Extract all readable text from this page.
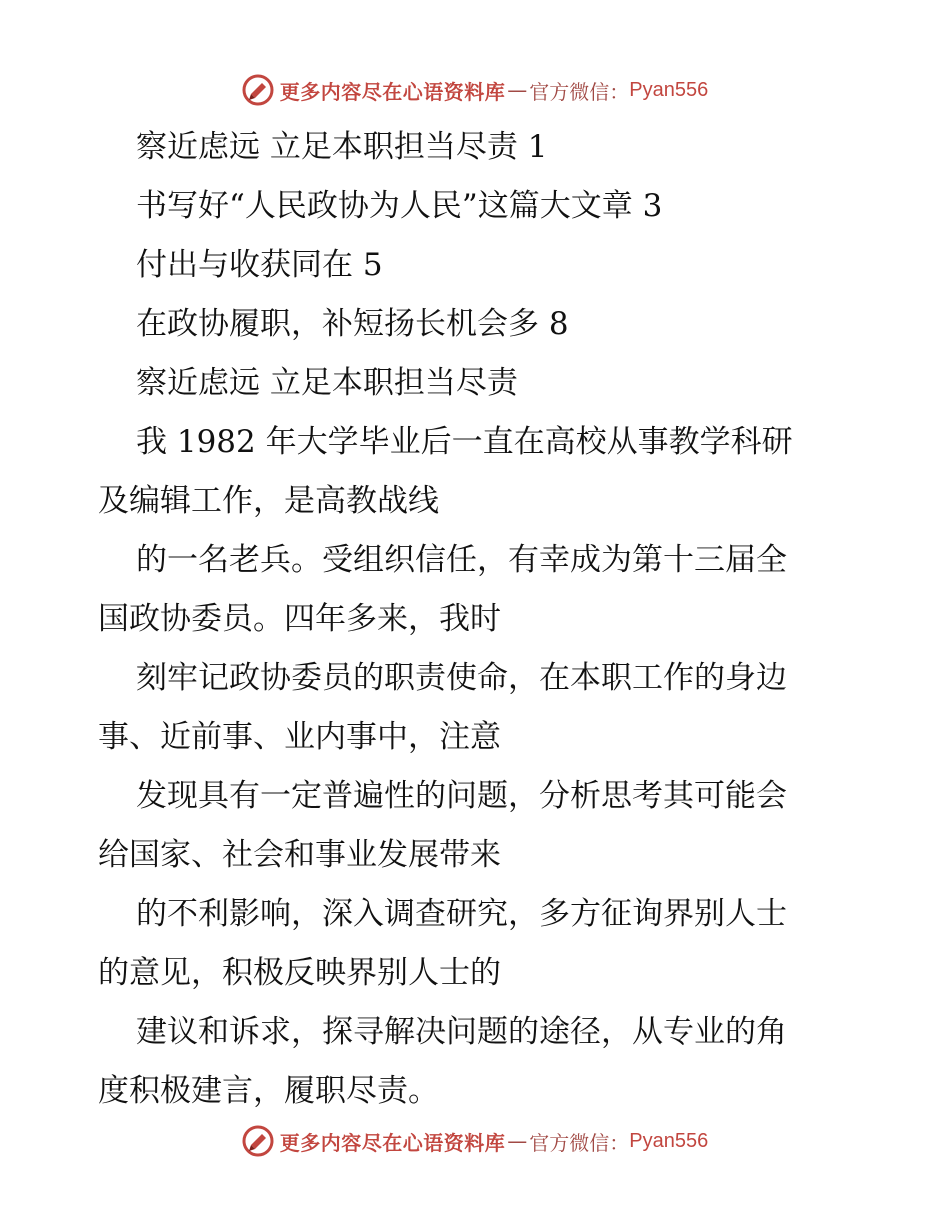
更多内容尽在心语资料库 — 官方微信： Pyan556
察近虑远 立足本职担当尽责 1
书写好“人民政协为人民”这篇大文章 3
付出与收获同在 5
在政协履职，补短扬长机会多 8
察近虑远 立足本职担当尽责
我 1982 年大学毕业后一直在高校从事教学科研
及编辑工作，是高教战线
的一名老兵。受组织信任，有幸成为第十三届全
国政协委员。四年多来，我时
刻牢记政协委员的职责使命，在本职工作的身边
事、近前事、业内事中，注意
发现具有一定普遍性的问题，分析思考其可能会
给国家、社会和事业发展带来
的不利影响，深入调查研究，多方征询界别人士
的意见，积极反映界别人士的
建议和诉求，探寻解决问题的途径，从专业的角
度积极建言，履职尽责。
更多内容尽在心语资料库 — 官方微信： Pyan556
